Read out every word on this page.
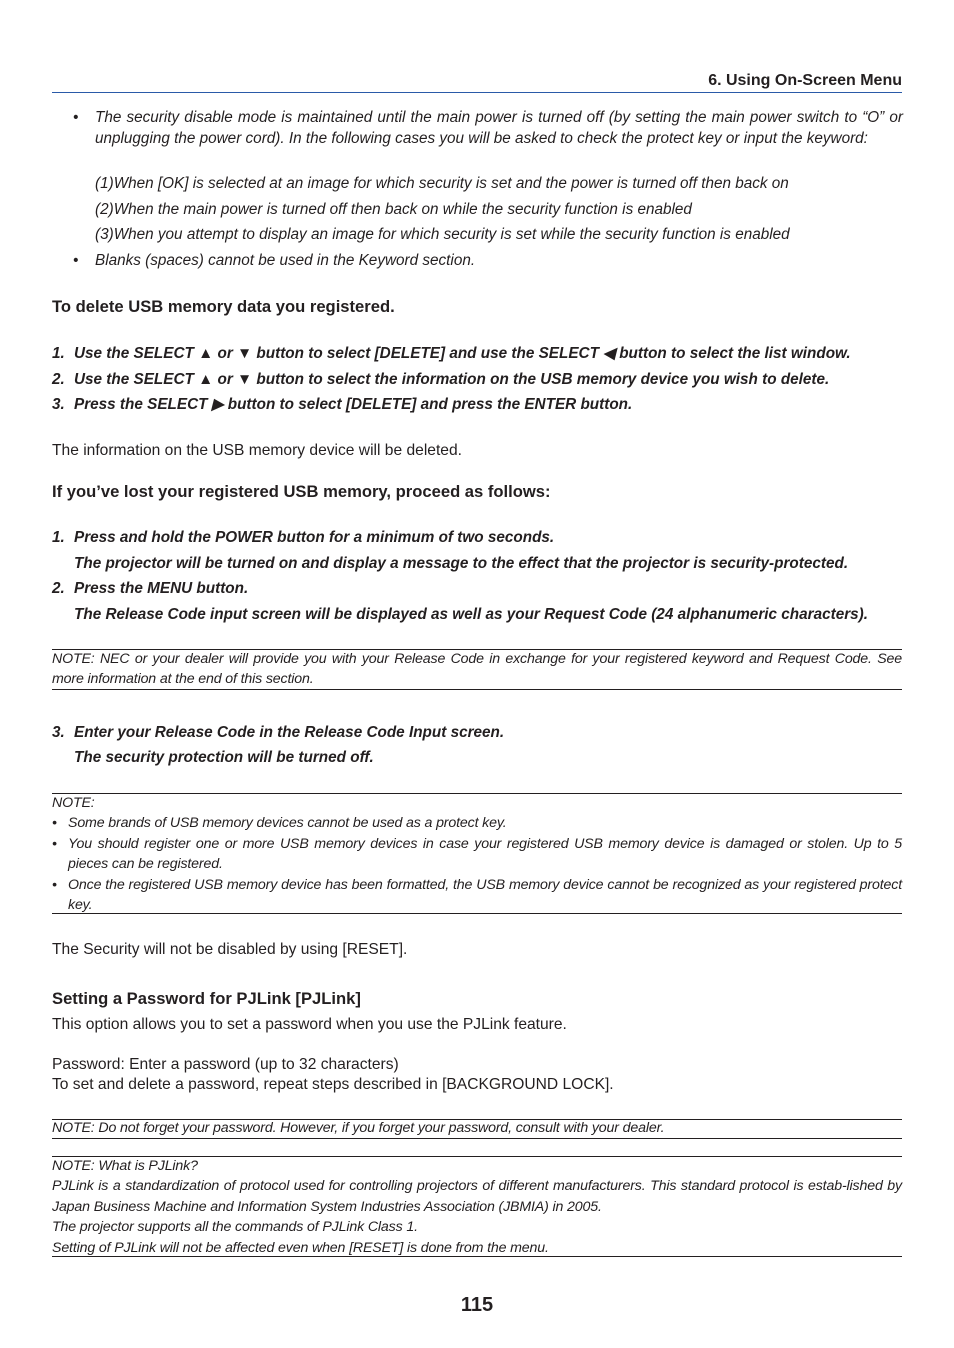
6. Using On-Screen Menu
• The security disable mode is maintained until the main power is turned off (by setting the main power switch to “O” or unplugging the power cord). In the following cases you will be asked to check the protect key or input the keyword:
(1)When [OK] is selected at an image for which security is set and the power is turned off then back on
(2)When the main power is turned off then back on while the security function is enabled
(3)When you attempt to display an image for which security is set while the security function is enabled
• Blanks (spaces) cannot be used in the Keyword section.
To delete USB memory data you registered.
1. Use the SELECT ▲ or ▼ button to select [DELETE] and use the SELECT ◀ button to select the list window.
2. Use the SELECT ▲ or ▼ button to select the information on the USB memory device you wish to delete.
3. Press the SELECT ▶ button to select [DELETE] and press the ENTER button.
The information on the USB memory device will be deleted.
If you’ve lost your registered USB memory, proceed as follows:
1. Press and hold the POWER button for a minimum of two seconds.
The projector will be turned on and display a message to the effect that the projector is security-protected.
2. Press the MENU button.
The Release Code input screen will be displayed as well as your Request Code (24 alphanumeric characters).
NOTE: NEC or your dealer will provide you with your Release Code in exchange for your registered keyword and Request Code. See more information at the end of this section.
3. Enter your Release Code in the Release Code Input screen.
The security protection will be turned off.
NOTE:
• Some brands of USB memory devices cannot be used as a protect key.
• You should register one or more USB memory devices in case your registered USB memory device is damaged or stolen. Up to 5 pieces can be registered.
• Once the registered USB memory device has been formatted, the USB memory device cannot be recognized as your registered protect key.
The Security will not be disabled by using [RESET].
Setting a Password for PJLink [PJLink]
This option allows you to set a password when you use the PJLink feature.
Password: Enter a password (up to 32 characters)
To set and delete a password, repeat steps described in [BACKGROUND LOCK].
NOTE: Do not forget your password. However, if you forget your password, consult with your dealer.
NOTE: What is PJLink?
PJLink is a standardization of protocol used for controlling projectors of different manufacturers. This standard protocol is estab-lished by Japan Business Machine and Information System Industries Association (JBMIA) in 2005.
The projector supports all the commands of PJLink Class 1.
Setting of PJLink will not be affected even when [RESET] is done from the menu.
115
